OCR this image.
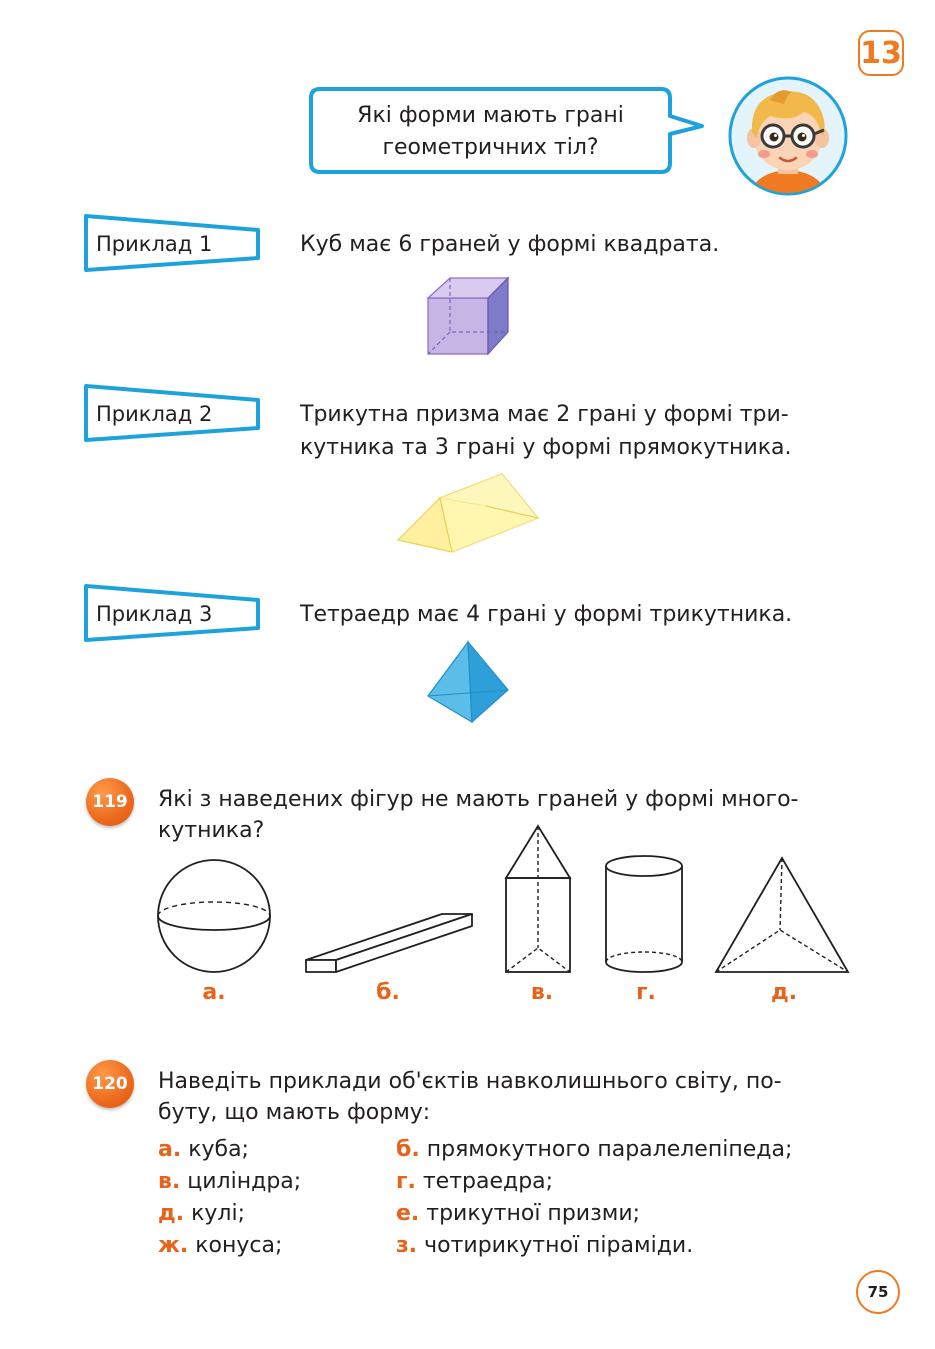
13
Які форми мають грані
геометричних тіл?
Приклад 1	Куб має 6 граней у формі квадрата.
Приклад 2	Трикутна призма має 2 грані у формі три-
кутника та 3 грані у формі прямокутника.
Приклад 3	Тетраедр має 4 грані у формі трикутника.
119 Які з наведених фігур не мають граней у формі много-
кутника?
а.	б.	в.	г.	д.
120 Наведіть приклади об'єктів навколишнього світу, по-
буту, що мають форму:
а. куба;	б. прямокутного паралелепіпеда;
в. циліндра;	г. тетраедра;
д. кулі;	е. трикутної призми;
ж. конуса;	з. чотирикутної піраміди.
75
